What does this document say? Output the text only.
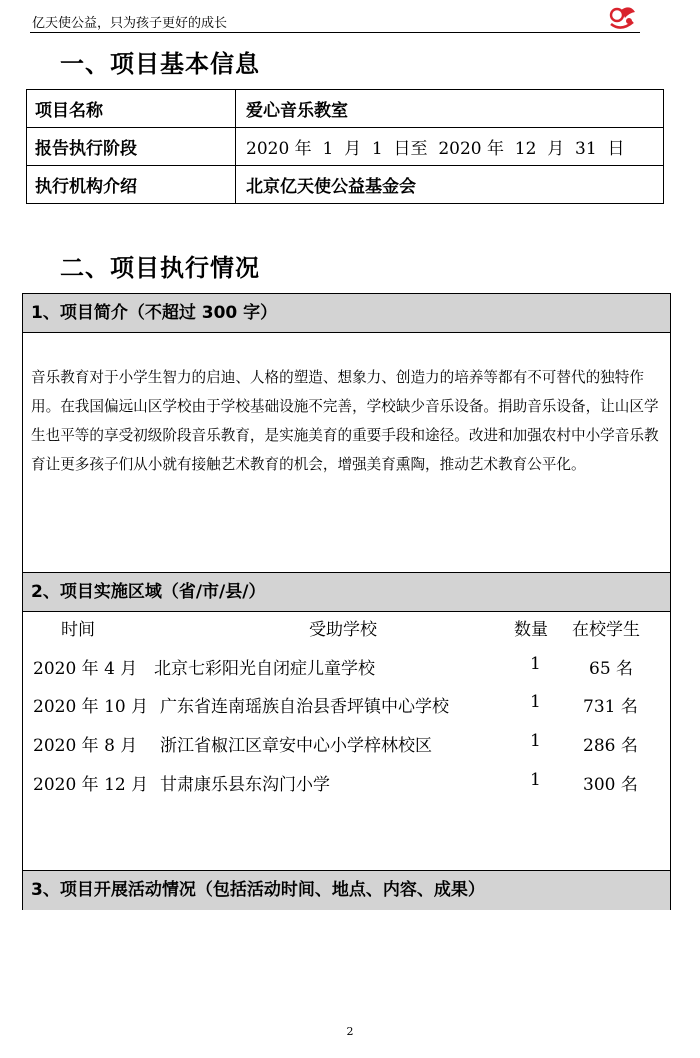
亿天使公益，只为孩子更好的成长
一、项目基本信息
项目名称	爱心音乐教室
报告执行阶段	2020 年  1  月  1  日至  2020 年  12  月  31  日
执行机构介绍	北京亿天使公益基金会
二、项目执行情况
1、项目简介（不超过 300 字）

音乐教育对于小学生智力的启迪、人格的塑造、想象力、创造力的培养等都有不可替代的独特作用。在我国偏远山区学校由于学校基础设施不完善，学校缺少音乐设备。捐助音乐设备，让山区学生也平等的享受初级阶段音乐教育，是实施美育的重要手段和途径。改进和加强农村中小学音乐教育让更多孩子们从小就有接触艺术教育的机会，增强美育熏陶，推动艺术教育公平化。

2、项目实施区域（省/市/县/）
时间	受助学校	数量 在校学生
2020 年 4 月 北京七彩阳光自闭症儿童学校	1	65 名
2020 年 10 月 广东省连南瑶族自治县香坪镇中心学校	1 731 名
2020 年 8 月 浙江省椒江区章安中心小学梓林校区	1 286 名
2020 年 12 月 甘肃康乐县东沟门小学	1 300 名
3、项目开展活动情况（包括活动时间、地点、内容、成果）
2
